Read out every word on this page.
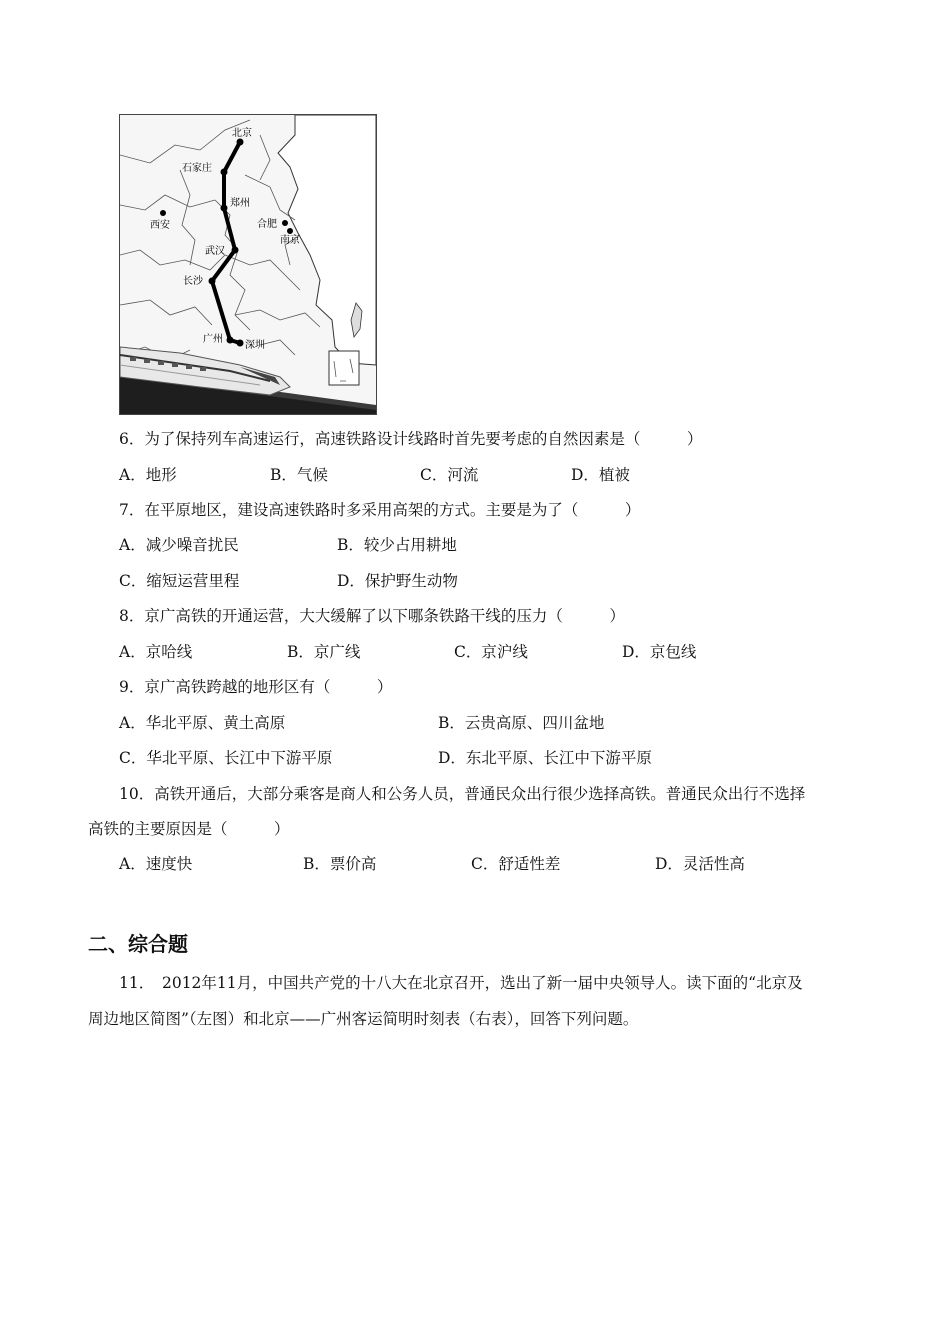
北京
石家庄
郑州
西安	合肥
南京
武汉
长沙
广州
深圳
6．为了保持列车高速运行，高速铁路设计线路时首先要考虑的自然因素是（　　　）
A．地形	B．气候	C．河流	D．植被
7．在平原地区，建设高速铁路时多采用高架的方式。主要是为了（　　　）
A．减少噪音扰民	B．较少占用耕地
C．缩短运营里程	D．保护野生动物
8．京广高铁的开通运营，大大缓解了以下哪条铁路干线的压力（　　　）
A．京哈线	B．京广线	C．京沪线	D．京包线
9．京广高铁跨越的地形区有（　　　）
A．华北平原、黄土高原	B．云贵高原、四川盆地
C．华北平原、长江中下游平原	D．东北平原、长江中下游平原
10．高铁开通后，大部分乘客是商人和公务人员，普通民众出行很少选择高铁。普通民众出行不选择
高铁的主要原因是（　　　）
A．速度快	B．票价高	C．舒适性差	D．灵活性高
二、综合题
11．　2012年11月，中国共产党的十八大在北京召开，选出了新一届中央领导人。读下面的“北京及
周边地区简图”（左图）和北京——广州客运简明时刻表（右表），回答下列问题。
